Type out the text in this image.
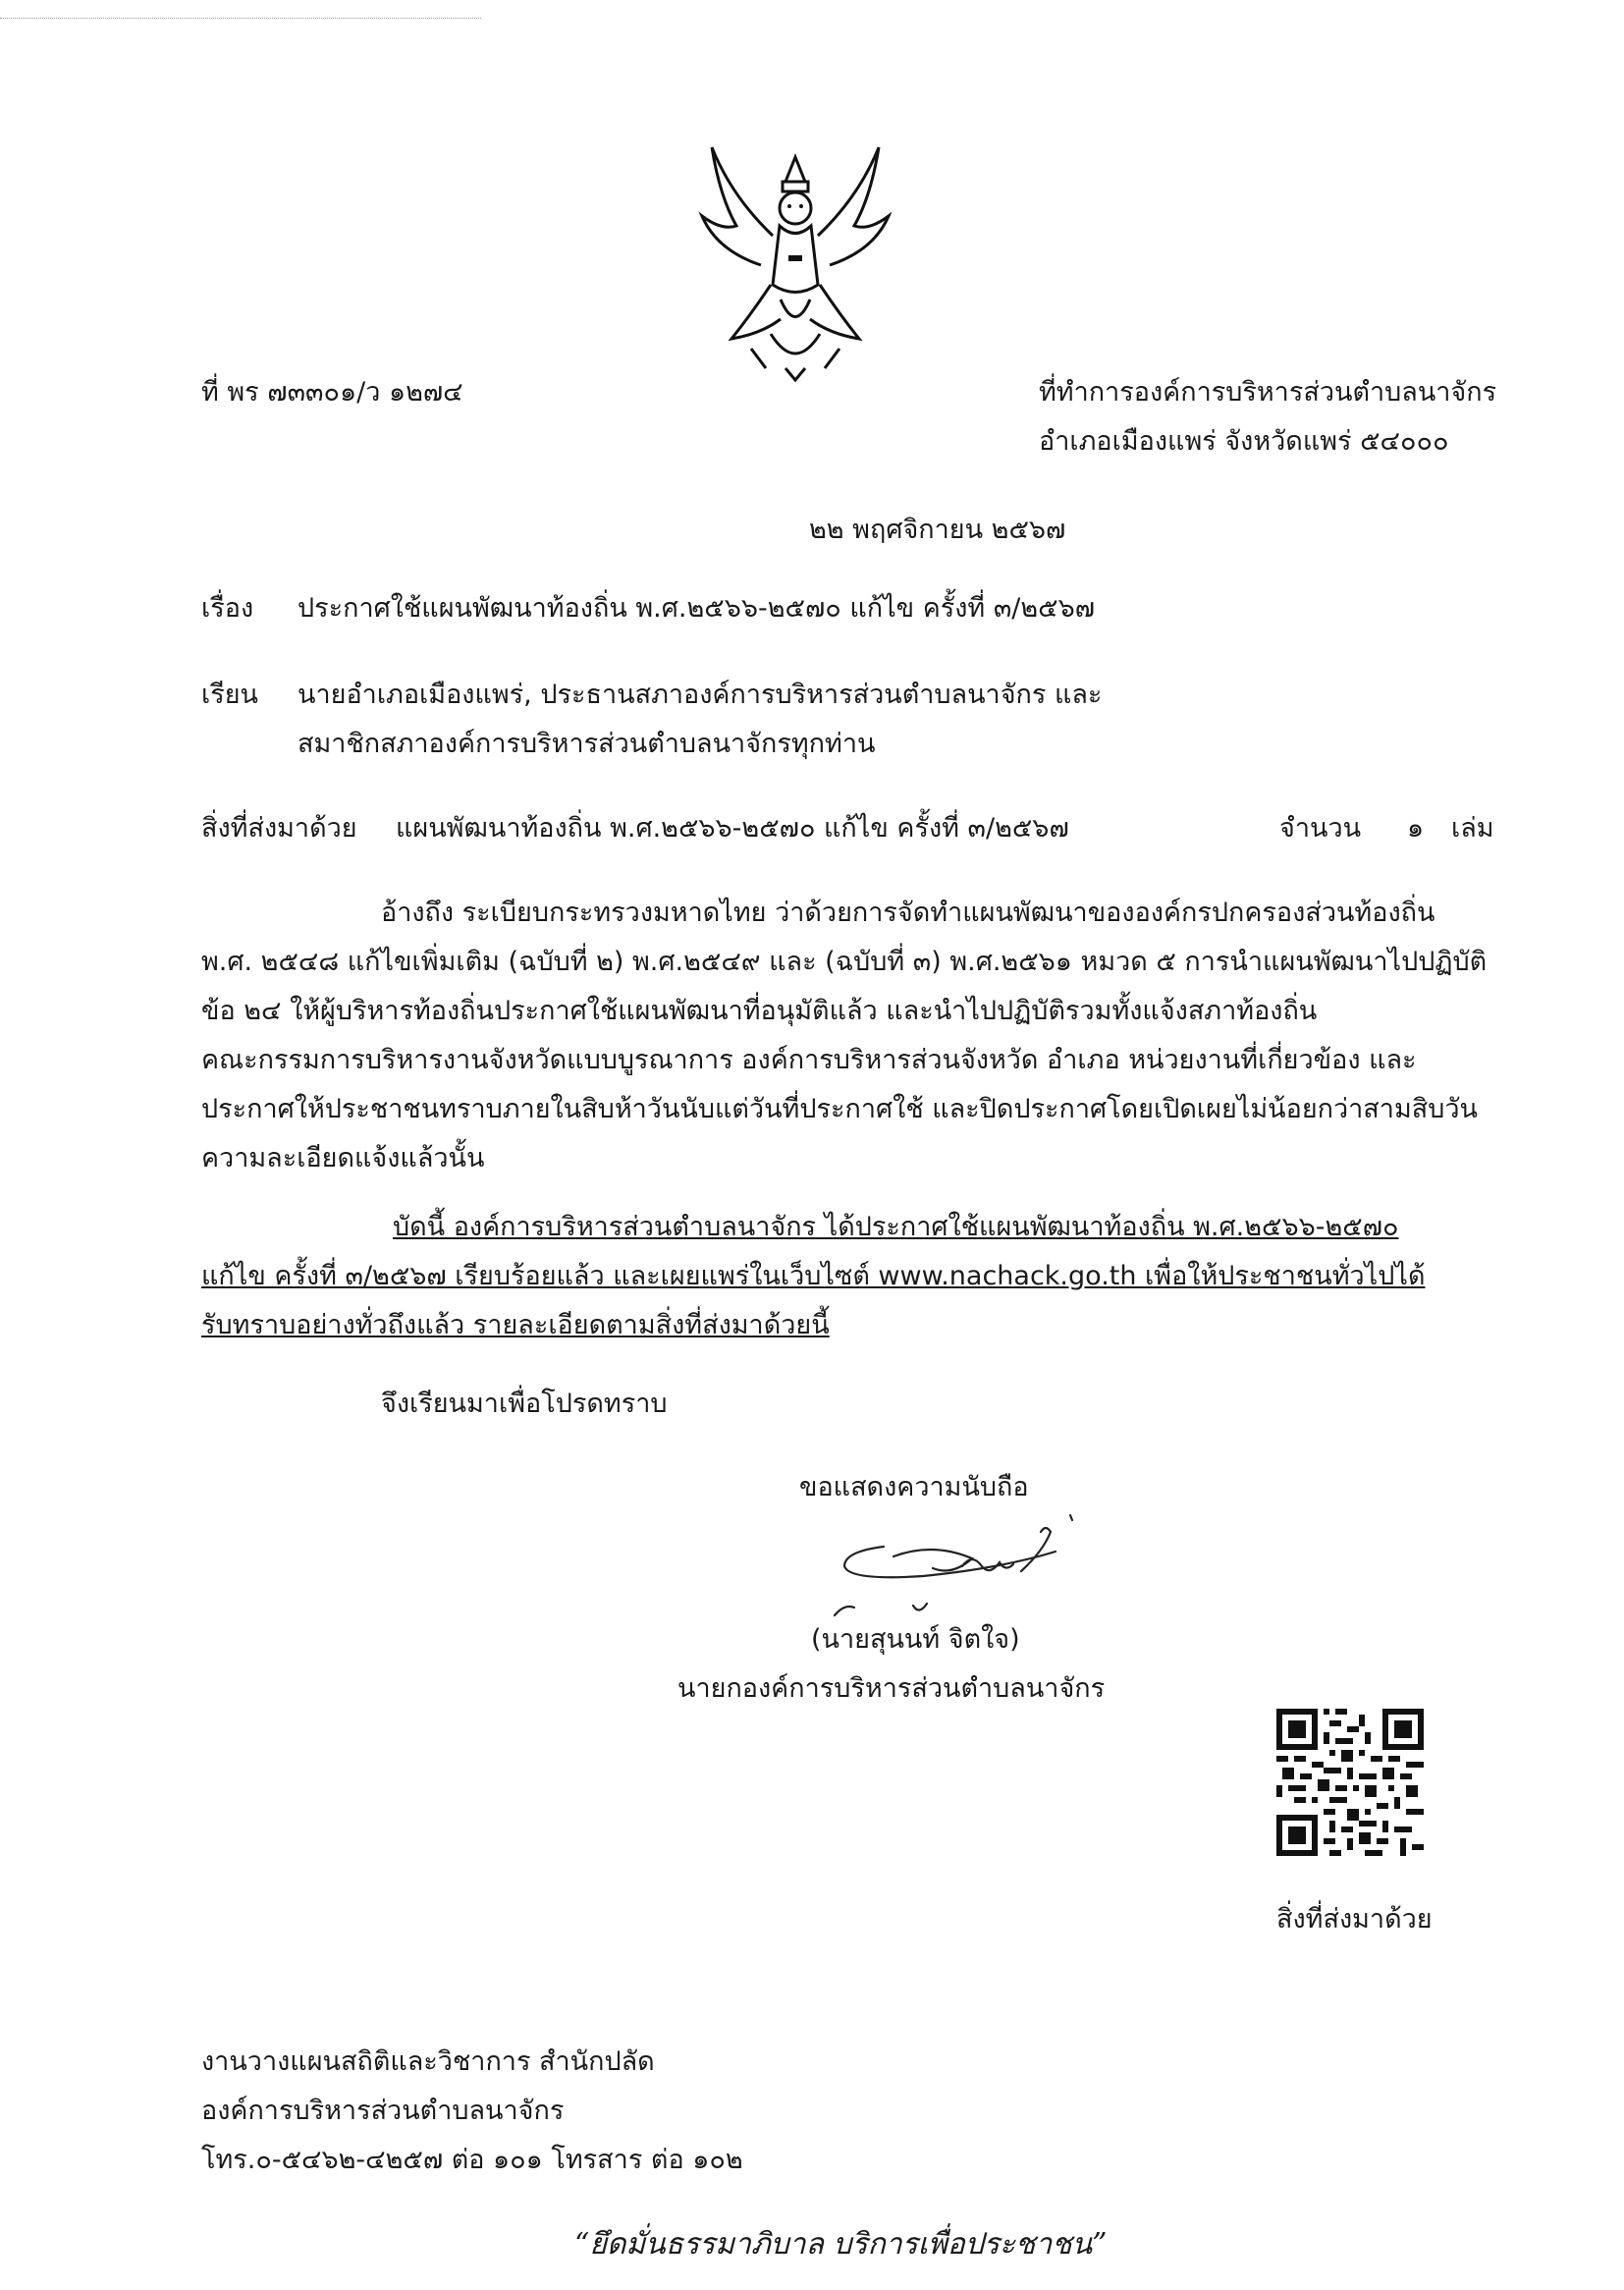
ที่ พร ๗๓๓๐๑/ว ๑๒๗๔	ที่ทำการองค์การบริหารส่วนตำบลนาจักร
อำเภอเมืองแพร่ จังหวัดแพร่ ๕๔๐๐๐
๒๒ พฤศจิกายน ๒๕๖๗
เรื่อง ประกาศใช้แผนพัฒนาท้องถิ่น พ.ศ.๒๕๖๖-๒๕๗๐ แก้ไข ครั้งที่ ๓/๒๕๖๗
เรียน นายอำเภอเมืองแพร่, ประธานสภาองค์การบริหารส่วนตำบลนาจักร และ
สมาชิกสภาองค์การบริหารส่วนตำบลนาจักรทุกท่าน
สิ่งที่ส่งมาด้วย แผนพัฒนาท้องถิ่น พ.ศ.๒๕๖๖-๒๕๗๐ แก้ไข ครั้งที่ ๓/๒๕๖๗	จำนวน ๑ เล่ม
อ้างถึง ระเบียบกระทรวงมหาดไทย ว่าด้วยการจัดทำแผนพัฒนาขององค์กรปกครองส่วนท้องถิ่น
พ.ศ. ๒๕๔๘ แก้ไขเพิ่มเติม (ฉบับที่ ๒) พ.ศ.๒๕๔๙ และ (ฉบับที่ ๓) พ.ศ.๒๕๖๑ หมวด ๕ การนำแผนพัฒนาไปปฏิบัติ
ข้อ ๒๔ ให้ผู้บริหารท้องถิ่นประกาศใช้แผนพัฒนาที่อนุมัติแล้ว และนำไปปฏิบัติรวมทั้งแจ้งสภาท้องถิ่น
คณะกรรมการบริหารงานจังหวัดแบบบูรณาการ องค์การบริหารส่วนจังหวัด อำเภอ หน่วยงานที่เกี่ยวข้อง และ
ประกาศให้ประชาชนทราบภายในสิบห้าวันนับแต่วันที่ประกาศใช้ และปิดประกาศโดยเปิดเผยไม่น้อยกว่าสามสิบวัน
ความละเอียดแจ้งแล้วนั้น
บัดนี้ องค์การบริหารส่วนตำบลนาจักร ได้ประกาศใช้แผนพัฒนาท้องถิ่น พ.ศ.๒๕๖๖-๒๕๗๐
แก้ไข ครั้งที่ ๓/๒๕๖๗ เรียบร้อยแล้ว และเผยแพร่ในเว็บไซต์ www.nachack.go.th เพื่อให้ประชาชนทั่วไปได้
รับทราบอย่างทั่วถึงแล้ว รายละเอียดตามสิ่งที่ส่งมาด้วยนี้
จึงเรียนมาเพื่อโปรดทราบ
ขอแสดงความนับถือ
(นายสุนนท์ จิตใจ)
นายกองค์การบริหารส่วนตำบลนาจักร
สิ่งที่ส่งมาด้วย
งานวางแผนสถิติและวิชาการ สำนักปลัด
องค์การบริหารส่วนตำบลนาจักร
โทร.๐-๕๔๖๒-๔๒๕๗ ต่อ ๑๐๑ โทรสาร ต่อ ๑๐๒
“ยึดมั่นธรรมาภิบาล บริการเพื่อประชาชน”
